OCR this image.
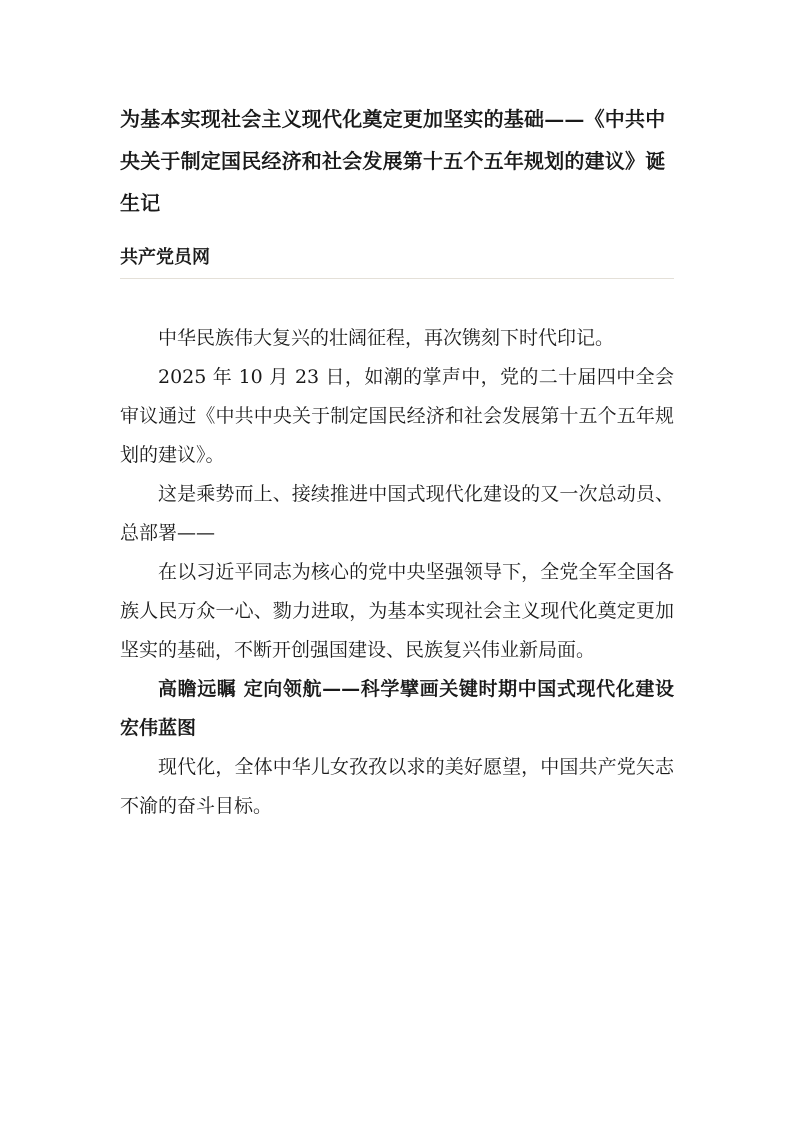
为基本实现社会主义现代化奠定更加坚实的基础——《中共中央关于制定国民经济和社会发展第十五个五年规划的建议》诞生记
共产党员网

中华民族伟大复兴的壮阔征程，再次镌刻下时代印记。

2025 年 10 月 23 日，如潮的掌声中，党的二十届四中全会审议通过《中共中央关于制定国民经济和社会发展第十五个五年规划的建议》。

这是乘势而上、接续推进中国式现代化建设的又一次总动员、总部署——

在以习近平同志为核心的党中央坚强领导下，全党全军全国各族人民万众一心、勠力进取，为基本实现社会主义现代化奠定更加坚实的基础，不断开创强国建设、民族复兴伟业新局面。

高瞻远瞩 定向领航——科学擘画关键时期中国式现代化建设宏伟蓝图

现代化，全体中华儿女孜孜以求的美好愿望，中国共产党矢志不渝的奋斗目标。
